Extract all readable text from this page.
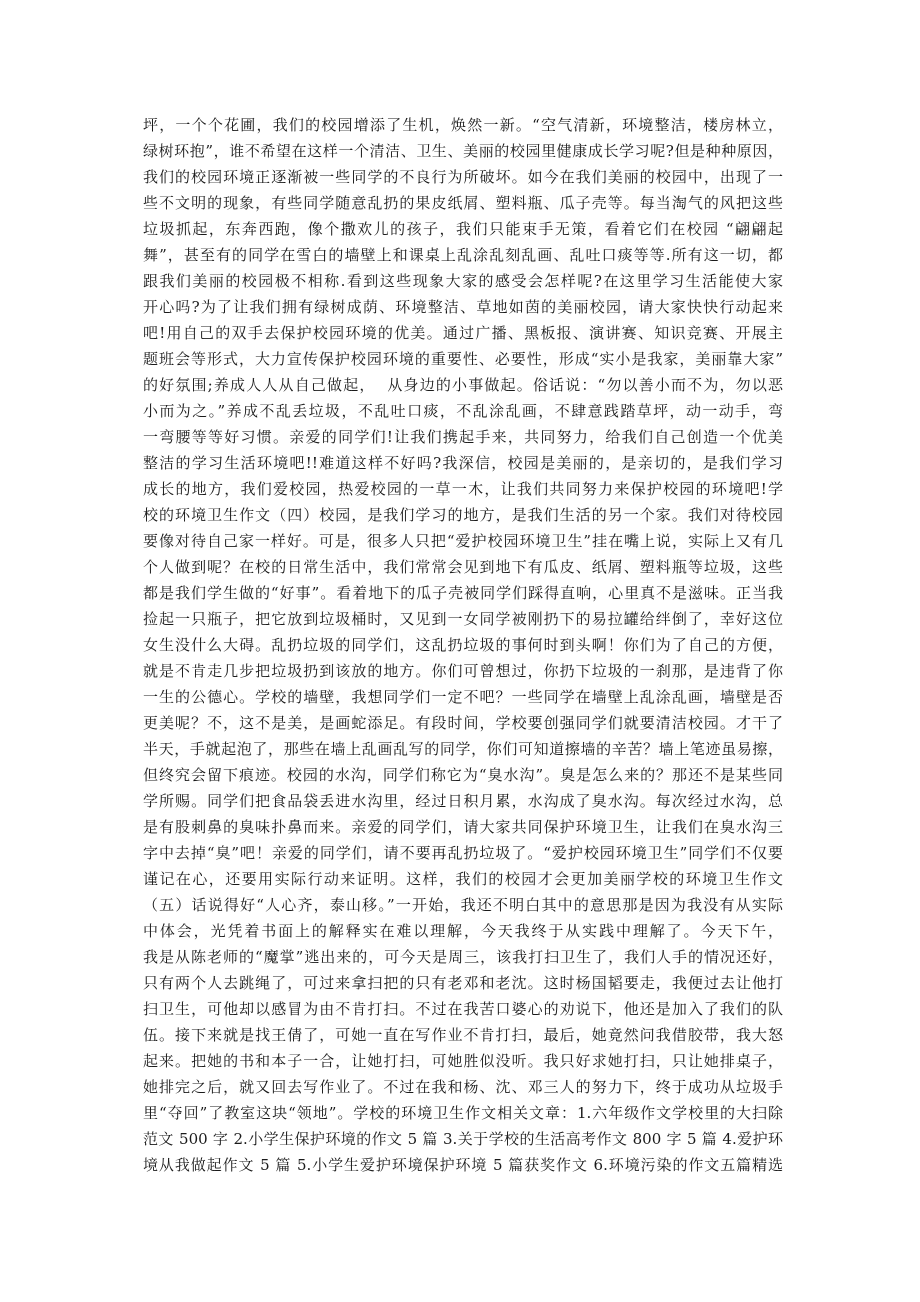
坪，一个个花圃，我们的校园增添了生机，焕然一新。“空气清新，环境整洁，楼房林立，
绿树环抱”，谁不希望在这样一个清洁、卫生、美丽的校园里健康成长学习呢?但是种种原因，
我们的校园环境正逐渐被一些同学的不良行为所破坏。如今在我们美丽的校园中，出现了一
些不文明的现象，有些同学随意乱扔的果皮纸屑、塑料瓶、瓜子壳等。每当淘气的风把这些
垃圾抓起，东奔西跑，像个撒欢儿的孩子，我们只能束手无策，看着它们在校园 “翩翩起
舞”，甚至有的同学在雪白的墙壁上和课桌上乱涂乱刻乱画、乱吐口痰等等.所有这一切，都
跟我们美丽的校园极不相称.看到这些现象大家的感受会怎样呢?在这里学习生活能使大家
开心吗?为了让我们拥有绿树成荫、环境整洁、草地如茵的美丽校园，请大家快快行动起来
吧!用自己的双手去保护校园环境的优美。通过广播、黑板报、演讲赛、知识竞赛、开展主
题班会等形式，大力宣传保护校园环境的重要性、必要性，形成“实小是我家，美丽靠大家”
的好氛围;养成人人从自己做起，  从身边的小事做起。俗话说：“勿以善小而不为，勿以恶
小而为之。”养成不乱丢垃圾，不乱吐口痰，不乱涂乱画，不肆意践踏草坪，动一动手，弯
一弯腰等等好习惯。亲爱的同学们!让我们携起手来，共同努力，给我们自己创造一个优美
整洁的学习生活环境吧!!难道这样不好吗?我深信，校园是美丽的，是亲切的，是我们学习
成长的地方，我们爱校园，热爱校园的一草一木，让我们共同努力来保护校园的环境吧!学
校的环境卫生作文（四）校园，是我们学习的地方，是我们生活的另一个家。我们对待校园
要像对待自己家一样好。可是，很多人只把“爱护校园环境卫生”挂在嘴上说，实际上又有几
个人做到呢？在校的日常生活中，我们常常会见到地下有瓜皮、纸屑、塑料瓶等垃圾，这些
都是我们学生做的“好事”。看着地下的瓜子壳被同学们踩得直响，心里真不是滋味。正当我
捡起一只瓶子，把它放到垃圾桶时，又见到一女同学被刚扔下的易拉罐给绊倒了，幸好这位
女生没什么大碍。乱扔垃圾的同学们，这乱扔垃圾的事何时到头啊！你们为了自己的方便，
就是不肯走几步把垃圾扔到该放的地方。你们可曾想过，你扔下垃圾的一刹那，是违背了你
一生的公德心。学校的墙壁，我想同学们一定不吧？一些同学在墙壁上乱涂乱画，墙壁是否
更美呢？不，这不是美，是画蛇添足。有段时间，学校要创强同学们就要清洁校园。才干了
半天，手就起泡了，那些在墙上乱画乱写的同学，你们可知道擦墙的辛苦？墙上笔迹虽易擦，
但终究会留下痕迹。校园的水沟，同学们称它为“臭水沟”。臭是怎么来的？那还不是某些同
学所赐。同学们把食品袋丢进水沟里，经过日积月累，水沟成了臭水沟。每次经过水沟，总
是有股刺鼻的臭味扑鼻而来。亲爱的同学们，请大家共同保护环境卫生，让我们在臭水沟三
字中去掉“臭”吧！亲爱的同学们，请不要再乱扔垃圾了。“爱护校园环境卫生”同学们不仅要
谨记在心，还要用实际行动来证明。这样，我们的校园才会更加美丽学校的环境卫生作文
（五）话说得好“人心齐，泰山移。”一开始，我还不明白其中的意思那是因为我没有从实际
中体会，光凭着书面上的解释实在难以理解，今天我终于从实践中理解了。今天下午，
我是从陈老师的“魔掌”逃出来的，可今天是周三，该我打扫卫生了，我们人手的情况还好，
只有两个人去跳绳了，可过来拿扫把的只有老邓和老沈。这时杨国韬要走，我便过去让他打
扫卫生，可他却以感冒为由不肯打扫。不过在我苦口婆心的劝说下，他还是加入了我们的队
伍。接下来就是找王倩了，可她一直在写作业不肯打扫，最后，她竟然问我借胶带，我大怒
起来。把她的书和本子一合，让她打扫，可她胜似没听。我只好求她打扫，只让她排桌子，
她排完之后，就又回去写作业了。不过在我和杨、沈、邓三人的努力下，终于成功从垃圾手
里“夺回”了教室这块“领地”。学校的环境卫生作文相关文章：1.六年级作文学校里的大扫除
范文 500 字 2.小学生保护环境的作文 5 篇 3.关于学校的生活高考作文 800 字 5 篇 4.爱护环
境从我做起作文 5 篇 5.小学生爱护环境保护环境 5 篇获奖作文 6.环境污染的作文五篇精选
